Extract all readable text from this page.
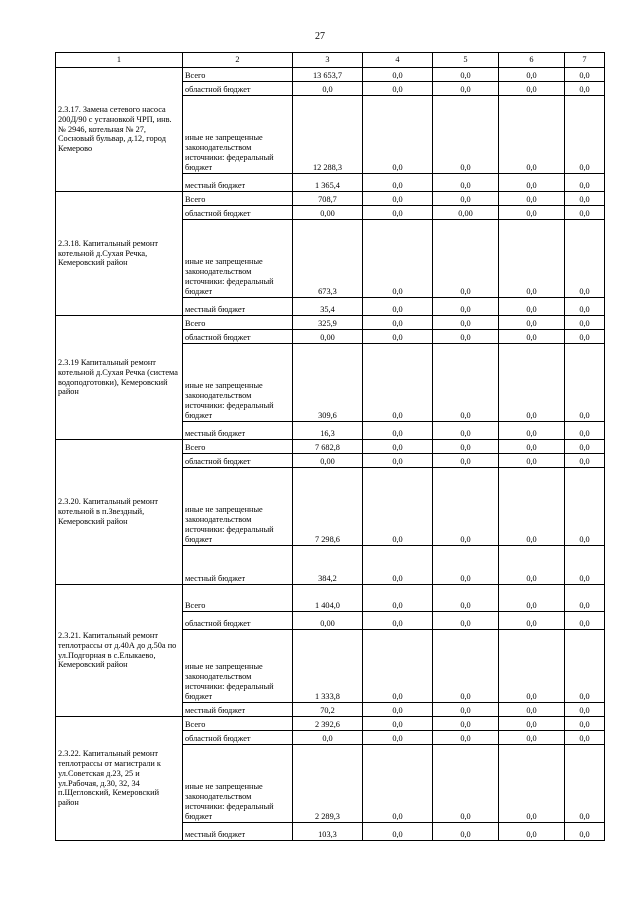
27
1	2	3	4	5	6	7
2.3.17. Замена сетевого насоса 200Д/90 с установкой ЧРП, инв. № 2946, котельная № 27, Сосновый бульвар, д.12, город Кемерово	Всего	13 653,7	0,0	0,0	0,0	0,0
	областной бюджет	0,0	0,0	0,0	0,0	0,0
	иные не запрещенные законодательством источники: федеральный бюджет	12 288,3	0,0	0,0	0,0	0,0
	местный бюджет	1 365,4	0,0	0,0	0,0	0,0
2.3.18. Капитальный ремонт котельной д.Сухая Речка, Кемеровский район	Всего	708,7	0,0	0,0	0,0	0,0
	областной бюджет	0,00	0,0	0,00	0,0	0,0
	иные не запрещенные законодательством источники: федеральный бюджет	673,3	0,0	0,0	0,0	0,0
	местный бюджет	35,4	0,0	0,0	0,0	0,0
2.3.19 Капитальный ремонт котельной д.Сухая Речка (система водоподготовки), Кемеровский район	Всего	325,9	0,0	0,0	0,0	0,0
	областной бюджет	0,00	0,0	0,0	0,0	0,0
	иные не запрещенные законодательством источники: федеральный бюджет	309,6	0,0	0,0	0,0	0,0
	местный бюджет	16,3	0,0	0,0	0,0	0,0
2.3.20. Капитальный ремонт котельной в п.Звездный, Кемеровский район	Всего	7 682,8	0,0	0,0	0,0	0,0
	областной бюджет	0,00	0,0	0,0	0,0	0,0
	иные не запрещенные законодательством источники: федеральный бюджет	7 298,6	0,0	0,0	0,0	0,0
	местный бюджет	384,2	0,0	0,0	0,0	0,0
2.3.21. Капитальный ремонт теплотрассы от д.40А до д.50а по ул.Подгорная в с.Елыкаево, Кемеровский район	Всего	1 404,0	0,0	0,0	0,0	0,0
	областной бюджет	0,00	0,0	0,0	0,0	0,0
	иные не запрещенные законодательством источники: федеральный бюджет	1 333,8	0,0	0,0	0,0	0,0
	местный бюджет	70,2	0,0	0,0	0,0	0,0
2.3.22. Капитальный ремонт теплотрассы от магистрали к ул.Советская д.23, 25 и ул.Рабочая, д.30, 32, 34 п.Щегловский, Кемеровский район	Всего	2 392,6	0,0	0,0	0,0	0,0
	областной бюджет	0,0	0,0	0,0	0,0	0,0
	иные не запрещенные законодательством источники: федеральный бюджет	2 289,3	0,0	0,0	0,0	0,0
	местный бюджет	103,3	0,0	0,0	0,0	0,0
